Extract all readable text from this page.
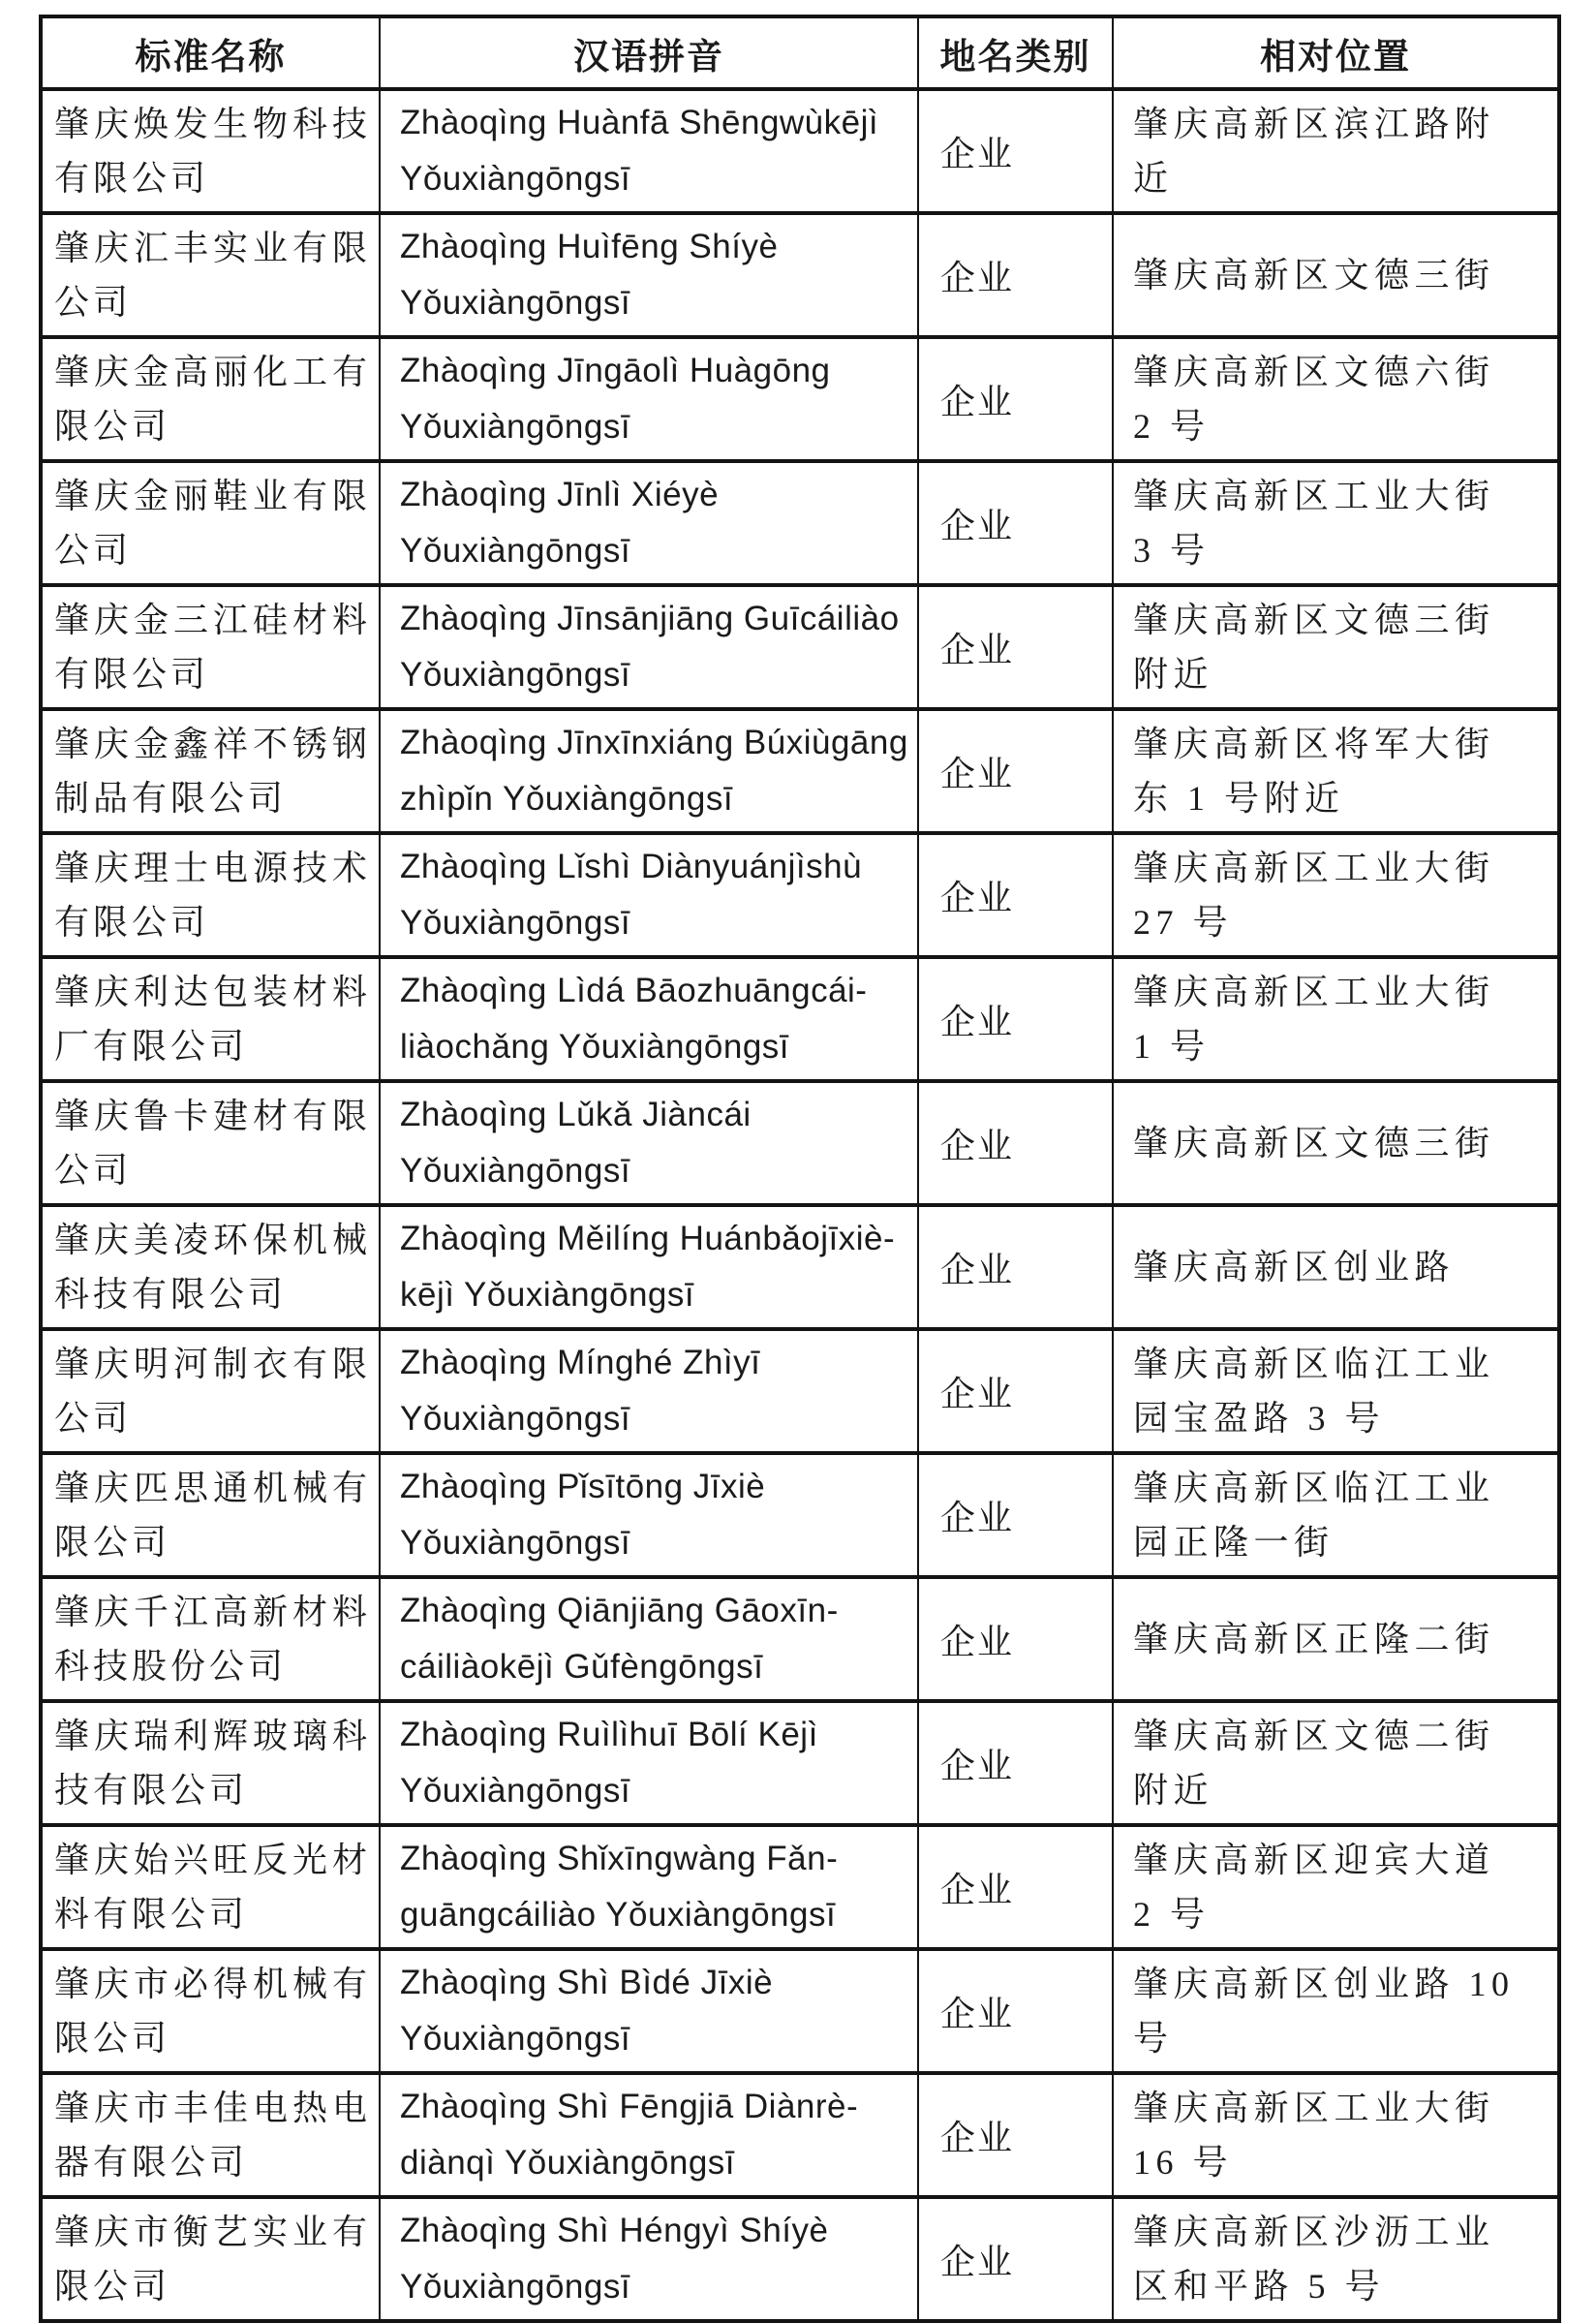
标准名称	汉语拼音	地名类别	相对位置
肇庆焕发生物科技有限公司	Zhàoqìng Huànfā Shēngwùkējì Yǒuxiàngōngsī	企业	肇庆高新区滨江路附近
肇庆汇丰实业有限公司	Zhàoqìng Huìfēng Shíyè Yǒuxiàngōngsī	企业	肇庆高新区文德三街
肇庆金高丽化工有限公司	Zhàoqìng Jīngāolì Huàgōng Yǒuxiàngōngsī	企业	肇庆高新区文德六街 2 号
肇庆金丽鞋业有限公司	Zhàoqìng Jīnlì Xiéyè Yǒuxiàngōngsī	企业	肇庆高新区工业大街 3 号
肇庆金三江硅材料有限公司	Zhàoqìng Jīnsānjiāng Guīcáiliào Yǒuxiàngōngsī	企业	肇庆高新区文德三街附近
肇庆金鑫祥不锈钢制品有限公司	Zhàoqìng Jīnxīnxiáng Búxiùgāng zhìpǐn Yǒuxiàngōngsī	企业	肇庆高新区将军大街东 1 号附近
肇庆理士电源技术有限公司	Zhàoqìng Lǐshì Diànyuánjìshù Yǒuxiàngōngsī	企业	肇庆高新区工业大街 27 号
肇庆利达包装材料厂有限公司	Zhàoqìng Lìdá Bāozhuāngcái-liàochǎng Yǒuxiàngōngsī	企业	肇庆高新区工业大街 1 号
肇庆鲁卡建材有限公司	Zhàoqìng Lǔkǎ Jiàncái Yǒuxiàngōngsī	企业	肇庆高新区文德三街
肇庆美凌环保机械科技有限公司	Zhàoqìng Měilíng Huánbǎojīxiè-kējì Yǒuxiàngōngsī	企业	肇庆高新区创业路
肇庆明河制衣有限公司	Zhàoqìng Mínghé Zhìyī Yǒuxiàngōngsī	企业	肇庆高新区临江工业园宝盈路 3 号
肇庆匹思通机械有限公司	Zhàoqìng Pǐsītōng Jīxiè Yǒuxiàngōngsī	企业	肇庆高新区临江工业园正隆一街
肇庆千江高新材料科技股份公司	Zhàoqìng Qiānjiāng Gāoxīn-cáiliàokējì Gǔfèngōngsī	企业	肇庆高新区正隆二街
肇庆瑞利辉玻璃科技有限公司	Zhàoqìng Ruìlìhuī Bōlí Kējì Yǒuxiàngōngsī	企业	肇庆高新区文德二街附近
肇庆始兴旺反光材料有限公司	Zhàoqìng Shǐxīngwàng Fǎn-guāngcáiliào Yǒuxiàngōngsī	企业	肇庆高新区迎宾大道 2 号
肇庆市必得机械有限公司	Zhàoqìng Shì Bìdé Jīxiè Yǒuxiàngōngsī	企业	肇庆高新区创业路 10 号
肇庆市丰佳电热电器有限公司	Zhàoqìng Shì Fēngjiā Diànrè-diànqì Yǒuxiàngōngsī	企业	肇庆高新区工业大街 16 号
肇庆市衡艺实业有限公司	Zhàoqìng Shì Héngyì Shíyè Yǒuxiàngōngsī	企业	肇庆高新区沙沥工业区和平路 5 号
